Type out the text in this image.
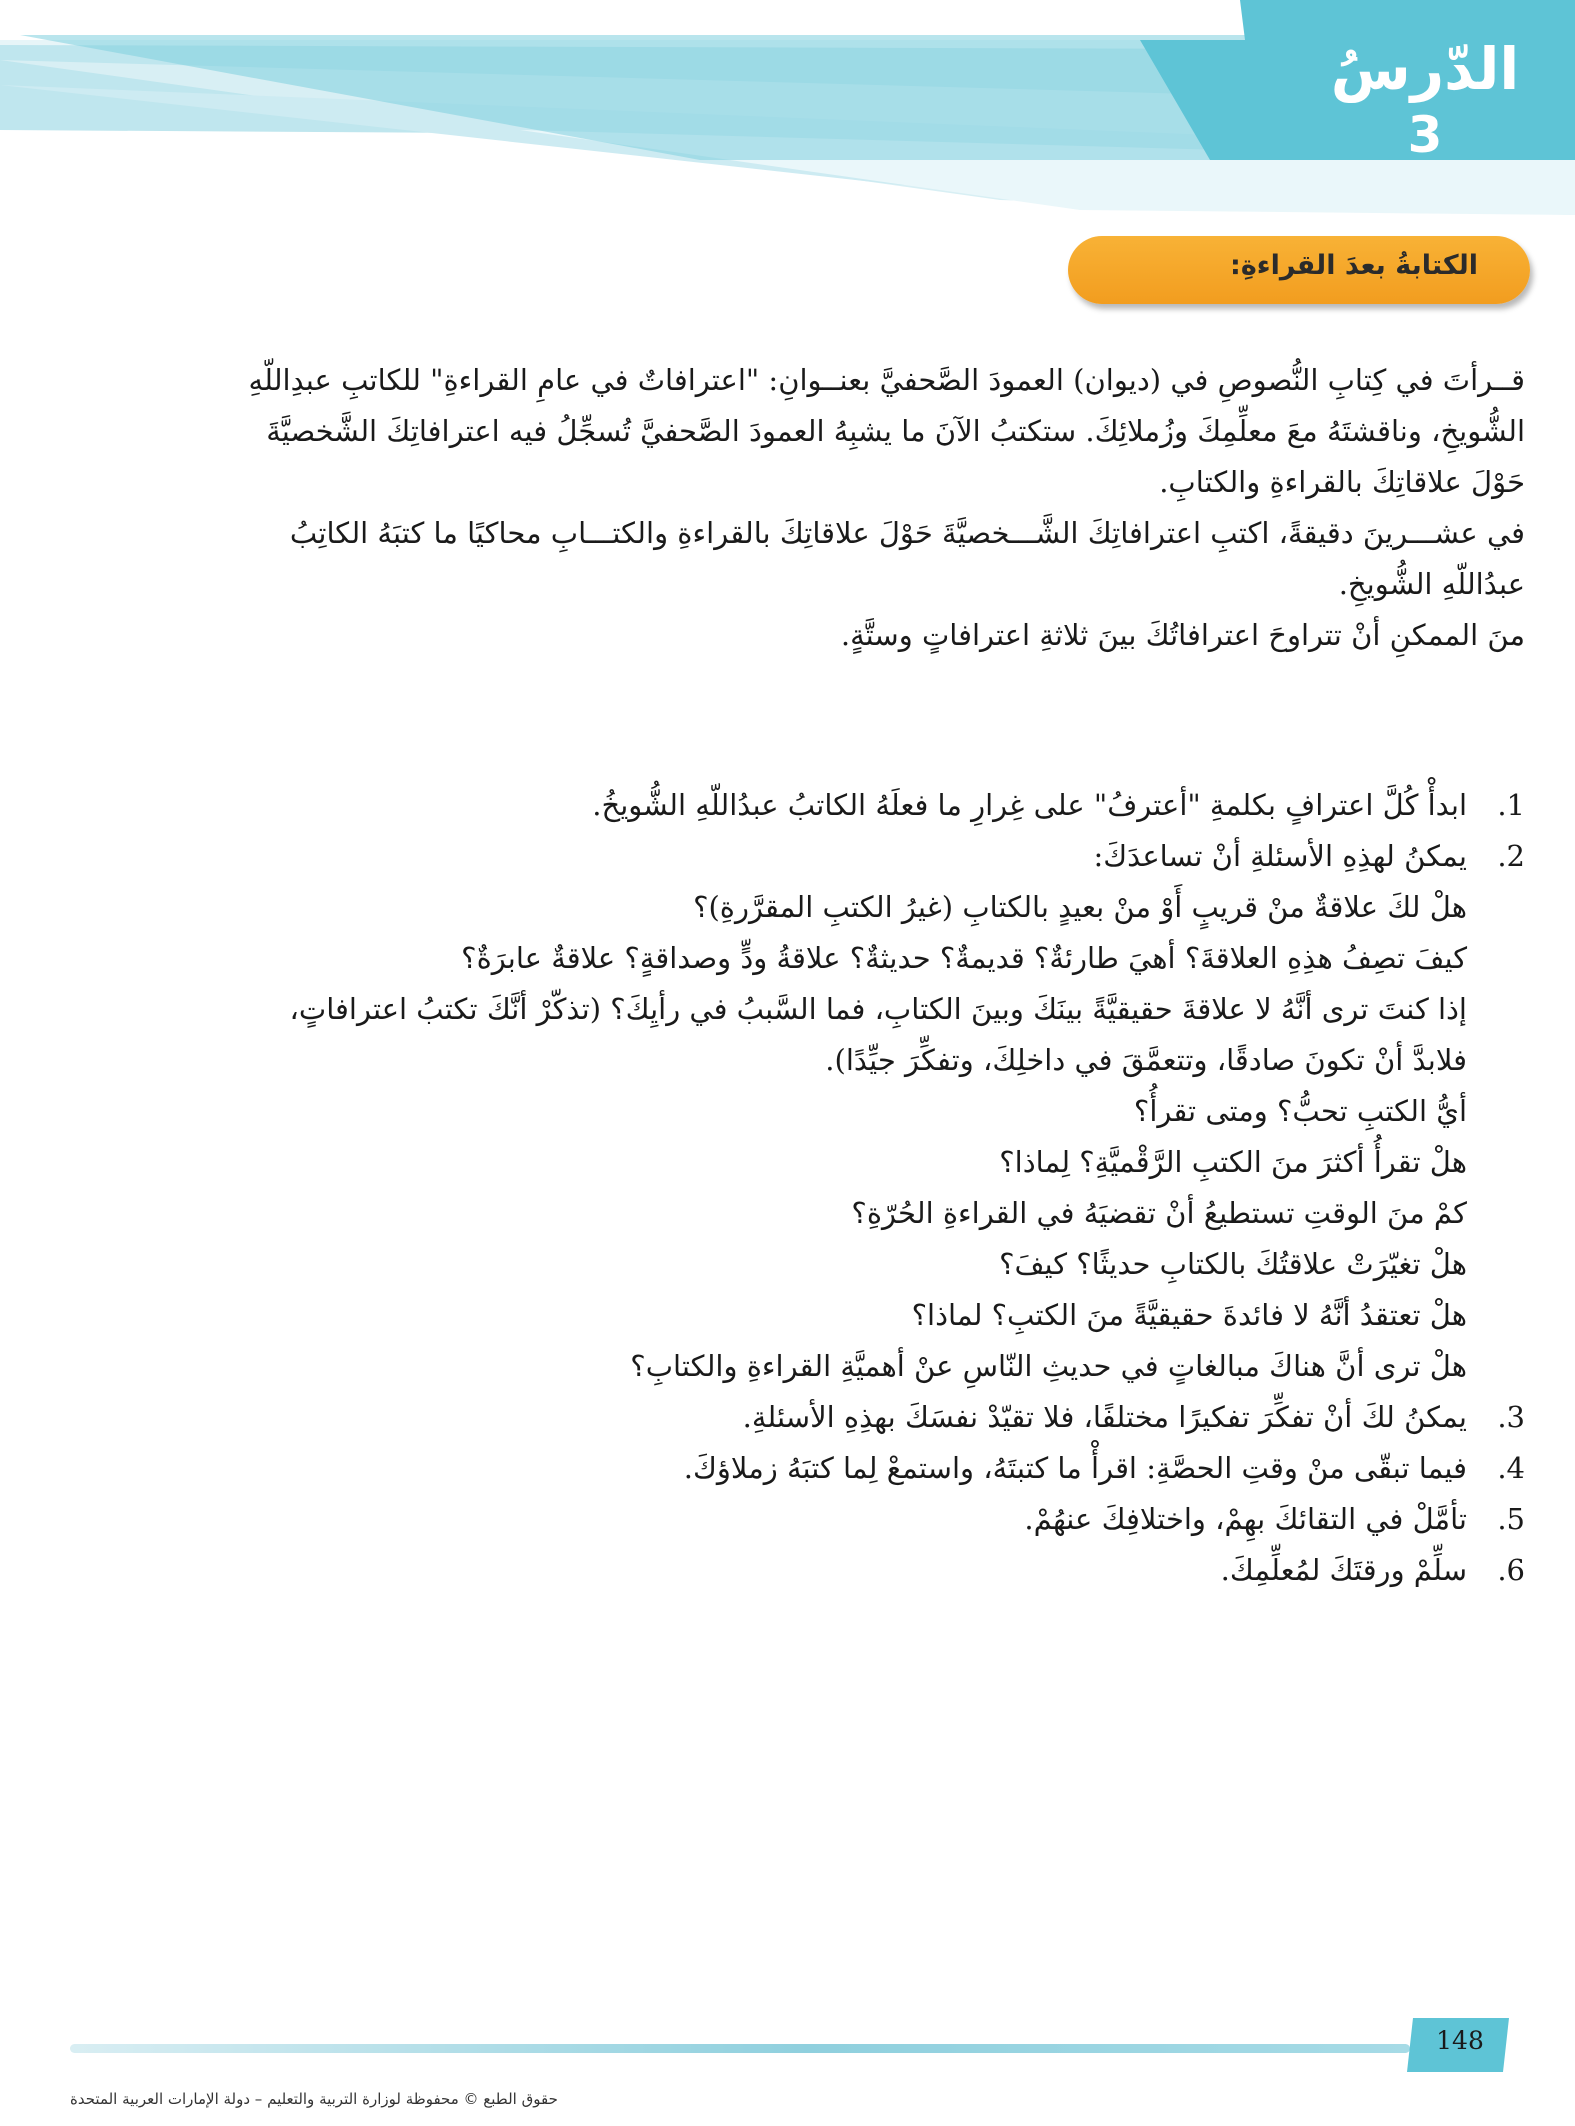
الدّرسُ
3
الكتابةُ بعدَ القراءةِ:
قــرأتَ في كِتابِ النُّصوصِ في (ديوان) العمودَ الصَّحفيَّ بعنــوانِ: "اعترافاتٌ في عامِ القراءةِ" للكاتبِ عبدِاللّهِ
الشُّويخِ، وناقشتَهُ معَ معلِّمِكَ وزُملائِكَ. ستكتبُ الآنَ ما يشبِهُ العمودَ الصَّحفيَّ تُسجِّلُ فيه اعترافاتِكَ الشَّخصيَّةَ
حَوْلَ علاقاتِكَ بالقراءةِ والكتابِ.
في عشـــرينَ دقيقةً، اكتبِ اعترافاتِكَ الشَّـــخصيَّةَ حَوْلَ علاقاتِكَ بالقراءةِ والكتـــابِ محاكيًا ما كتبَهُ الكاتِبُ
عبدُاللّهِ الشُّويخِ.
منَ الممكنِ أنْ تتراوحَ اعترافاتُكَ بينَ ثلاثةِ اعترافاتٍ وستَّةٍ.
1.ابدأْ كُلَّ اعترافٍ بكلمةِ "أعترفُ" على غِرارِ ما فعلَهُ الكاتبُ عبدُاللّهِ الشُّويخُ.
2.يمكنُ لهذِهِ الأسئلةِ أنْ تساعدَكَ:
هلْ لكَ علاقةٌ منْ قريبٍ أَوْ منْ بعيدٍ بالكتابِ (غيرُ الكتبِ المقرَّرةِ)؟
كيفَ تصِفُ هذِهِ العلاقةَ؟ أهيَ طارئةٌ؟ قديمةٌ؟ حديثةٌ؟ علاقةُ ودٍّ وصداقةٍ؟ علاقةٌ عابرَةٌ؟
إذا كنتَ ترى أنَّهُ لا علاقةَ حقيقيَّةً بينَكَ وبينَ الكتابِ، فما السَّببُ في رأيِكَ؟ (تذكّرْ أنَّكَ تكتبُ اعترافاتٍ،
فلابدَّ أنْ تكونَ صادقًا، وتتعمَّقَ في داخلِكَ، وتفكِّرَ جيِّدًا).
أيُّ الكتبِ تحبُّ؟ ومتى تقرأُ؟
هلْ تقرأُ أكثرَ منَ الكتبِ الرَّقْميَّةِ؟ لِماذا؟
كمْ منَ الوقتِ تستطيعُ أنْ تقضيَهُ في القراءةِ الحُرّةِ؟
هلْ تغيّرَتْ علاقتُكَ بالكتابِ حديثًا؟ كيفَ؟
هلْ تعتقدُ أنَّهُ لا فائدةَ حقيقيَّةً منَ الكتبِ؟ لماذا؟
هلْ ترى أنَّ هناكَ مبالغاتٍ في حديثِ النّاسِ عنْ أهميَّةِ القراءةِ والكتابِ؟
3.يمكنُ لكَ أنْ تفكِّرَ تفكيرًا مختلفًا، فلا تقيّدْ نفسَكَ بهذِهِ الأسئلةِ.
4.فيما تبقّى منْ وقتِ الحصَّةِ: اقرأْ ما كتبتَهُ، واستمعْ لِما كتبَهُ زملاؤكَ.
5.تأمَّلْ في التقائكَ بهِمْ، واختلافِكَ عنهُمْ.
6.سلِّمْ ورقتَكَ لمُعلِّمِكَ.
148
حقوق الطبع © محفوظة لوزارة التربية والتعليم – دولة الإمارات العربية المتحدة
